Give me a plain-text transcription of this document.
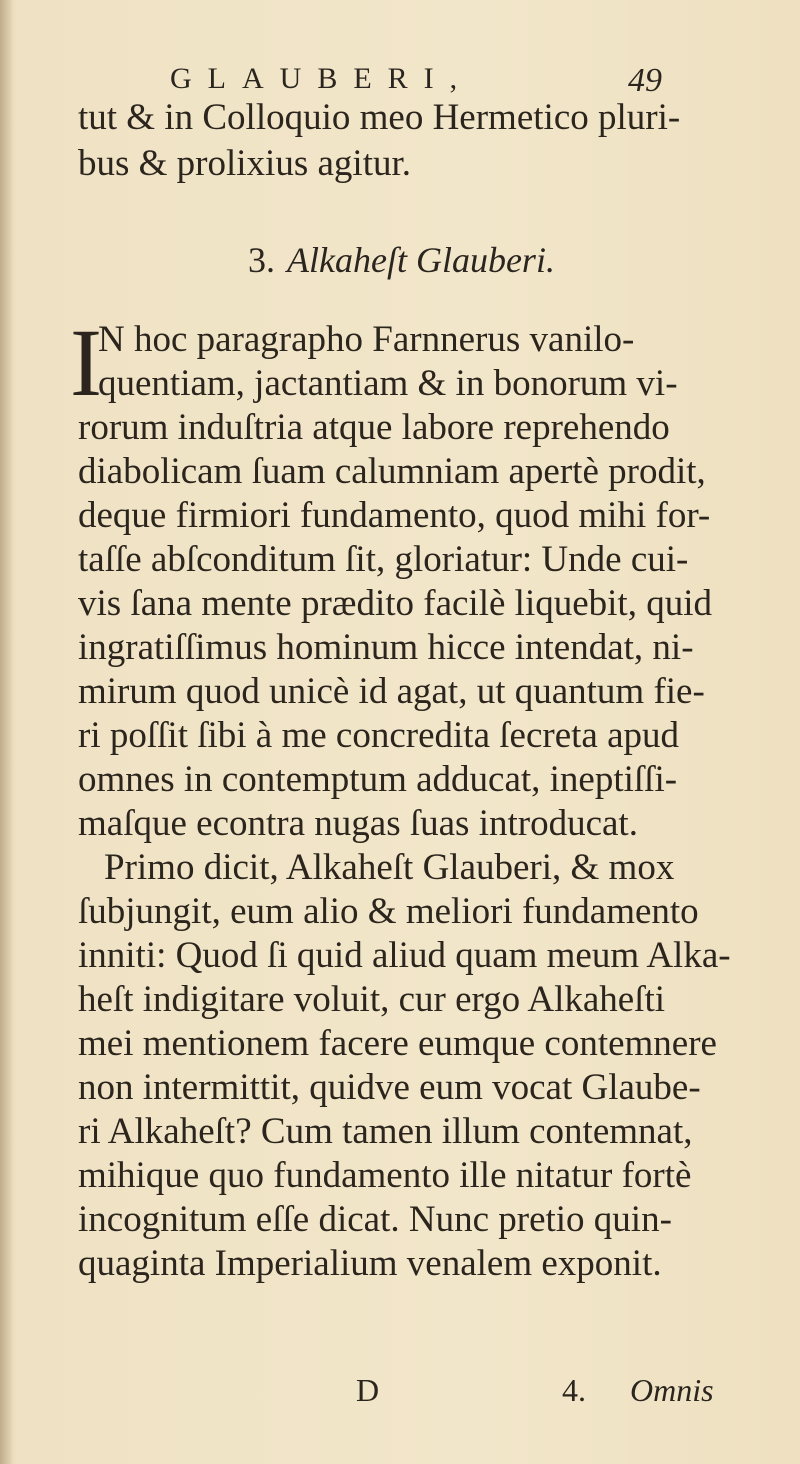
GLAUBERI,	49
tut & in Colloquio meo Hermetico pluri-
bus & prolixius agitur.
3. Alkaheſt Glauberi.
I
N hoc paragrapho Farnnerus vanilo-
quentiam, jactantiam & in bonorum vi-
rorum induſtria atque labore reprehendo
diabolicam ſuam calumniam apertè prodit,
deque firmiori fundamento, quod mihi for-
taſſe abſconditum ſit, gloriatur: Unde cui-
vis ſana mente prædito facilè liquebit, quid
ingratiſſimus hominum hicce intendat, ni-
mirum quod unicè id agat, ut quantum fie-
ri poſſit ſibi à me concredita ſecreta apud
omnes in contemptum adducat, ineptiſſi-
maſque econtra nugas ſuas introducat.
Primo dicit, Alkaheſt Glauberi, & mox
ſubjungit, eum alio & meliori fundamento
inniti: Quod ſi quid aliud quam meum Alka-
heſt indigitare voluit, cur ergo Alkaheſti
mei mentionem facere eumque contemnere
non intermittit, quidve eum vocat Glaube-
ri Alkaheſt? Cum tamen illum contemnat,
mihique quo fundamento ille nitatur fortè
incognitum eſſe dicat. Nunc pretio quin-
quaginta Imperialium venalem exponit.
D	4. Omnis
